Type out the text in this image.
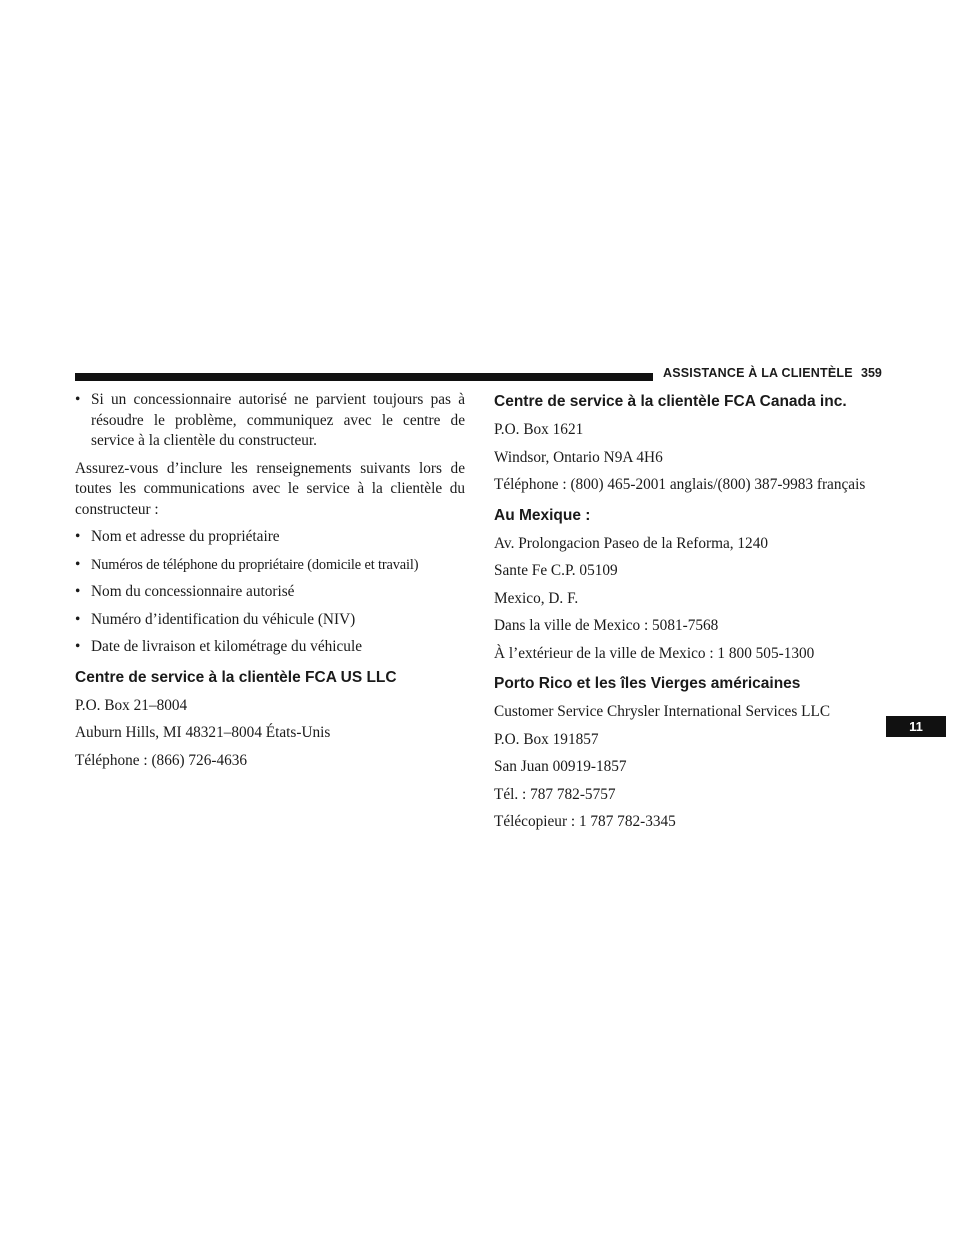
ASSISTANCE À LA CLIENTÈLE 359
11
• Si un concessionnaire autorisé ne parvient toujours pas à résoudre le problème, communiquez avec le centre de service à la clientèle du constructeur.

Assurez-vous d’inclure les renseignements suivants lors de toutes les communications avec le service à la clientèle du constructeur :

• Nom et adresse du propriétaire
• Numéros de téléphone du propriétaire (domicile et travail)
• Nom du concessionnaire autorisé
• Numéro d’identification du véhicule (NIV)
• Date de livraison et kilométrage du véhicule
Centre de service à la clientèle FCA US LLC
P.O. Box 21–8004
Auburn Hills, MI 48321–8004 États-Unis
Téléphone : (866) 726-4636
Centre de service à la clientèle FCA Canada inc.
P.O. Box 1621
Windsor, Ontario N9A 4H6
Téléphone : (800) 465-2001 anglais/(800) 387-9983 français
Au Mexique :
Av. Prolongacion Paseo de la Reforma, 1240
Sante Fe C.P. 05109
Mexico, D. F.
Dans la ville de Mexico : 5081-7568
À l’extérieur de la ville de Mexico : 1 800 505-1300
Porto Rico et les îles Vierges américaines
Customer Service Chrysler International Services LLC
P.O. Box 191857
San Juan 00919-1857
Tél. : 787 782-5757
Télécopieur : 1 787 782-3345
